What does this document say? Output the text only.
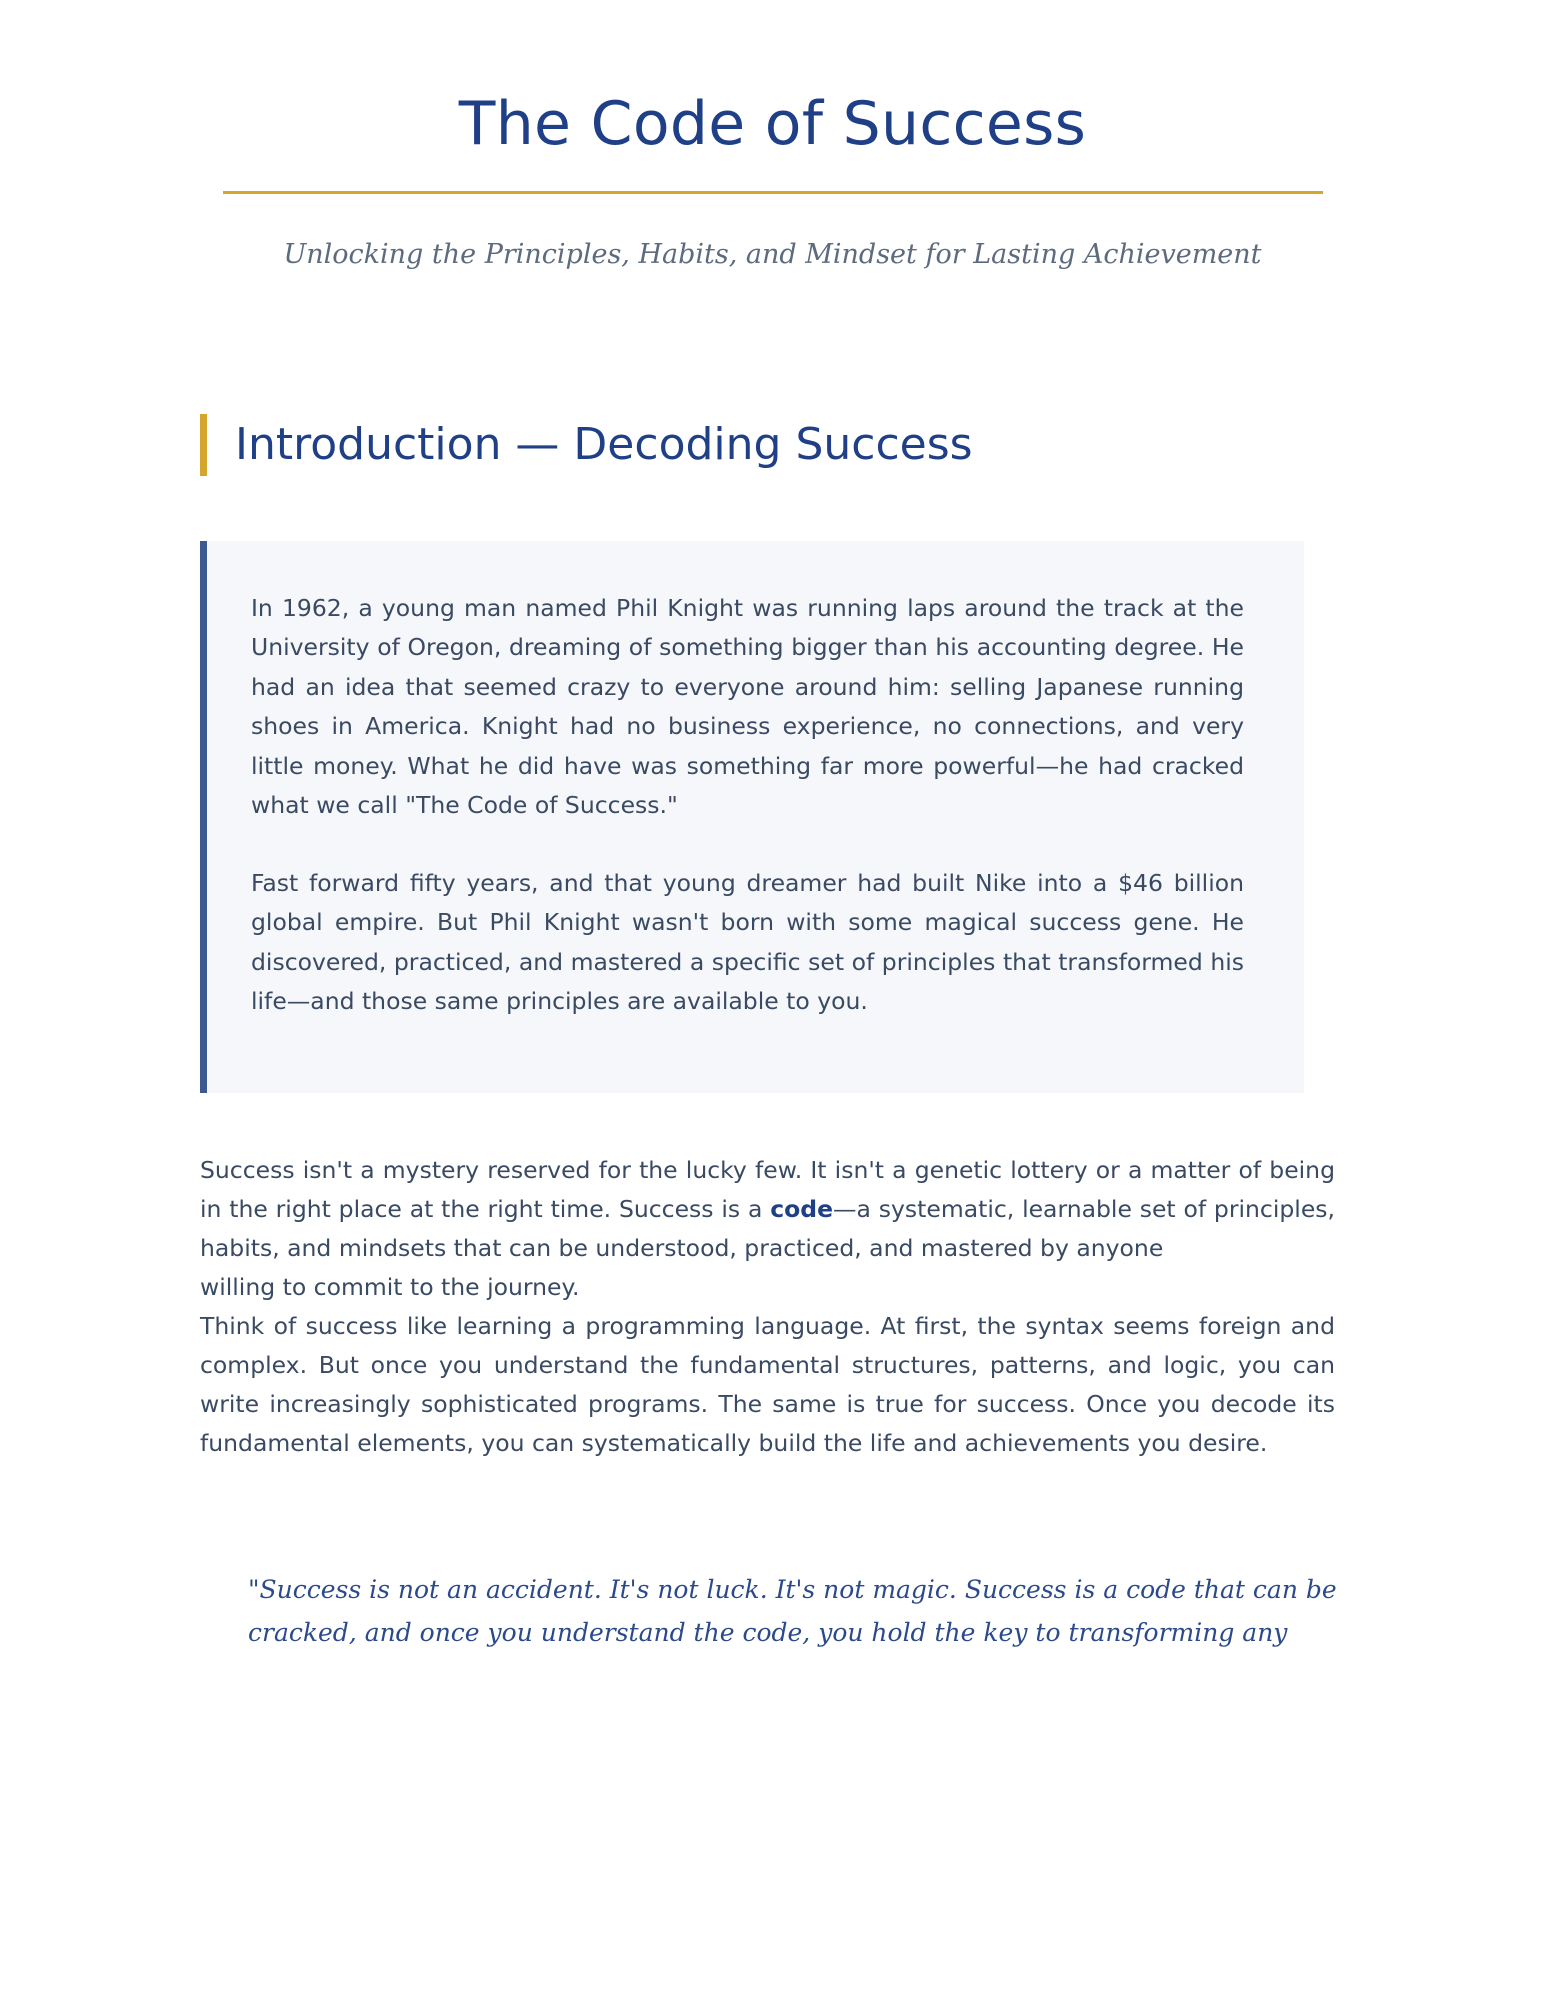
The Code of Success
Unlocking the Principles, Habits, and Mindset for Lasting Achievement
Introduction — Decoding Success

In 1962, a young man named Phil Knight was running laps around the track at the University of Oregon, dreaming of something bigger than his accounting degree. He had an idea that seemed crazy to everyone around him: selling Japanese running shoes in America. Knight had no business experience, no connections, and very little money. What he did have was something far more powerful—he had cracked what we call "The Code of Success."

Fast forward fifty years, and that young dreamer had built Nike into a $46 billion global empire. But Phil Knight wasn't born with some magical success gene. He discovered, practiced, and mastered a specific set of principles that transformed his life—and those same principles are available to you.

Success isn't a mystery reserved for the lucky few. It isn't a genetic lottery or a matter of being in the right place at the right time. Success is a code—a systematic, learnable set of principles, habits, and mindsets that can be understood, practiced, and mastered by anyone

willing to commit to the journey.

Think of success like learning a programming language. At first, the syntax seems foreign and complex. But once you understand the fundamental structures, patterns, and logic, you can write increasingly sophisticated programs. The same is true for success. Once you decode its fundamental elements, you can systematically build the life and achievements you desire.

"Success is not an accident. It's not luck. It's not magic. Success is a code that can be cracked, and once you understand the code, you hold the key to transforming any
